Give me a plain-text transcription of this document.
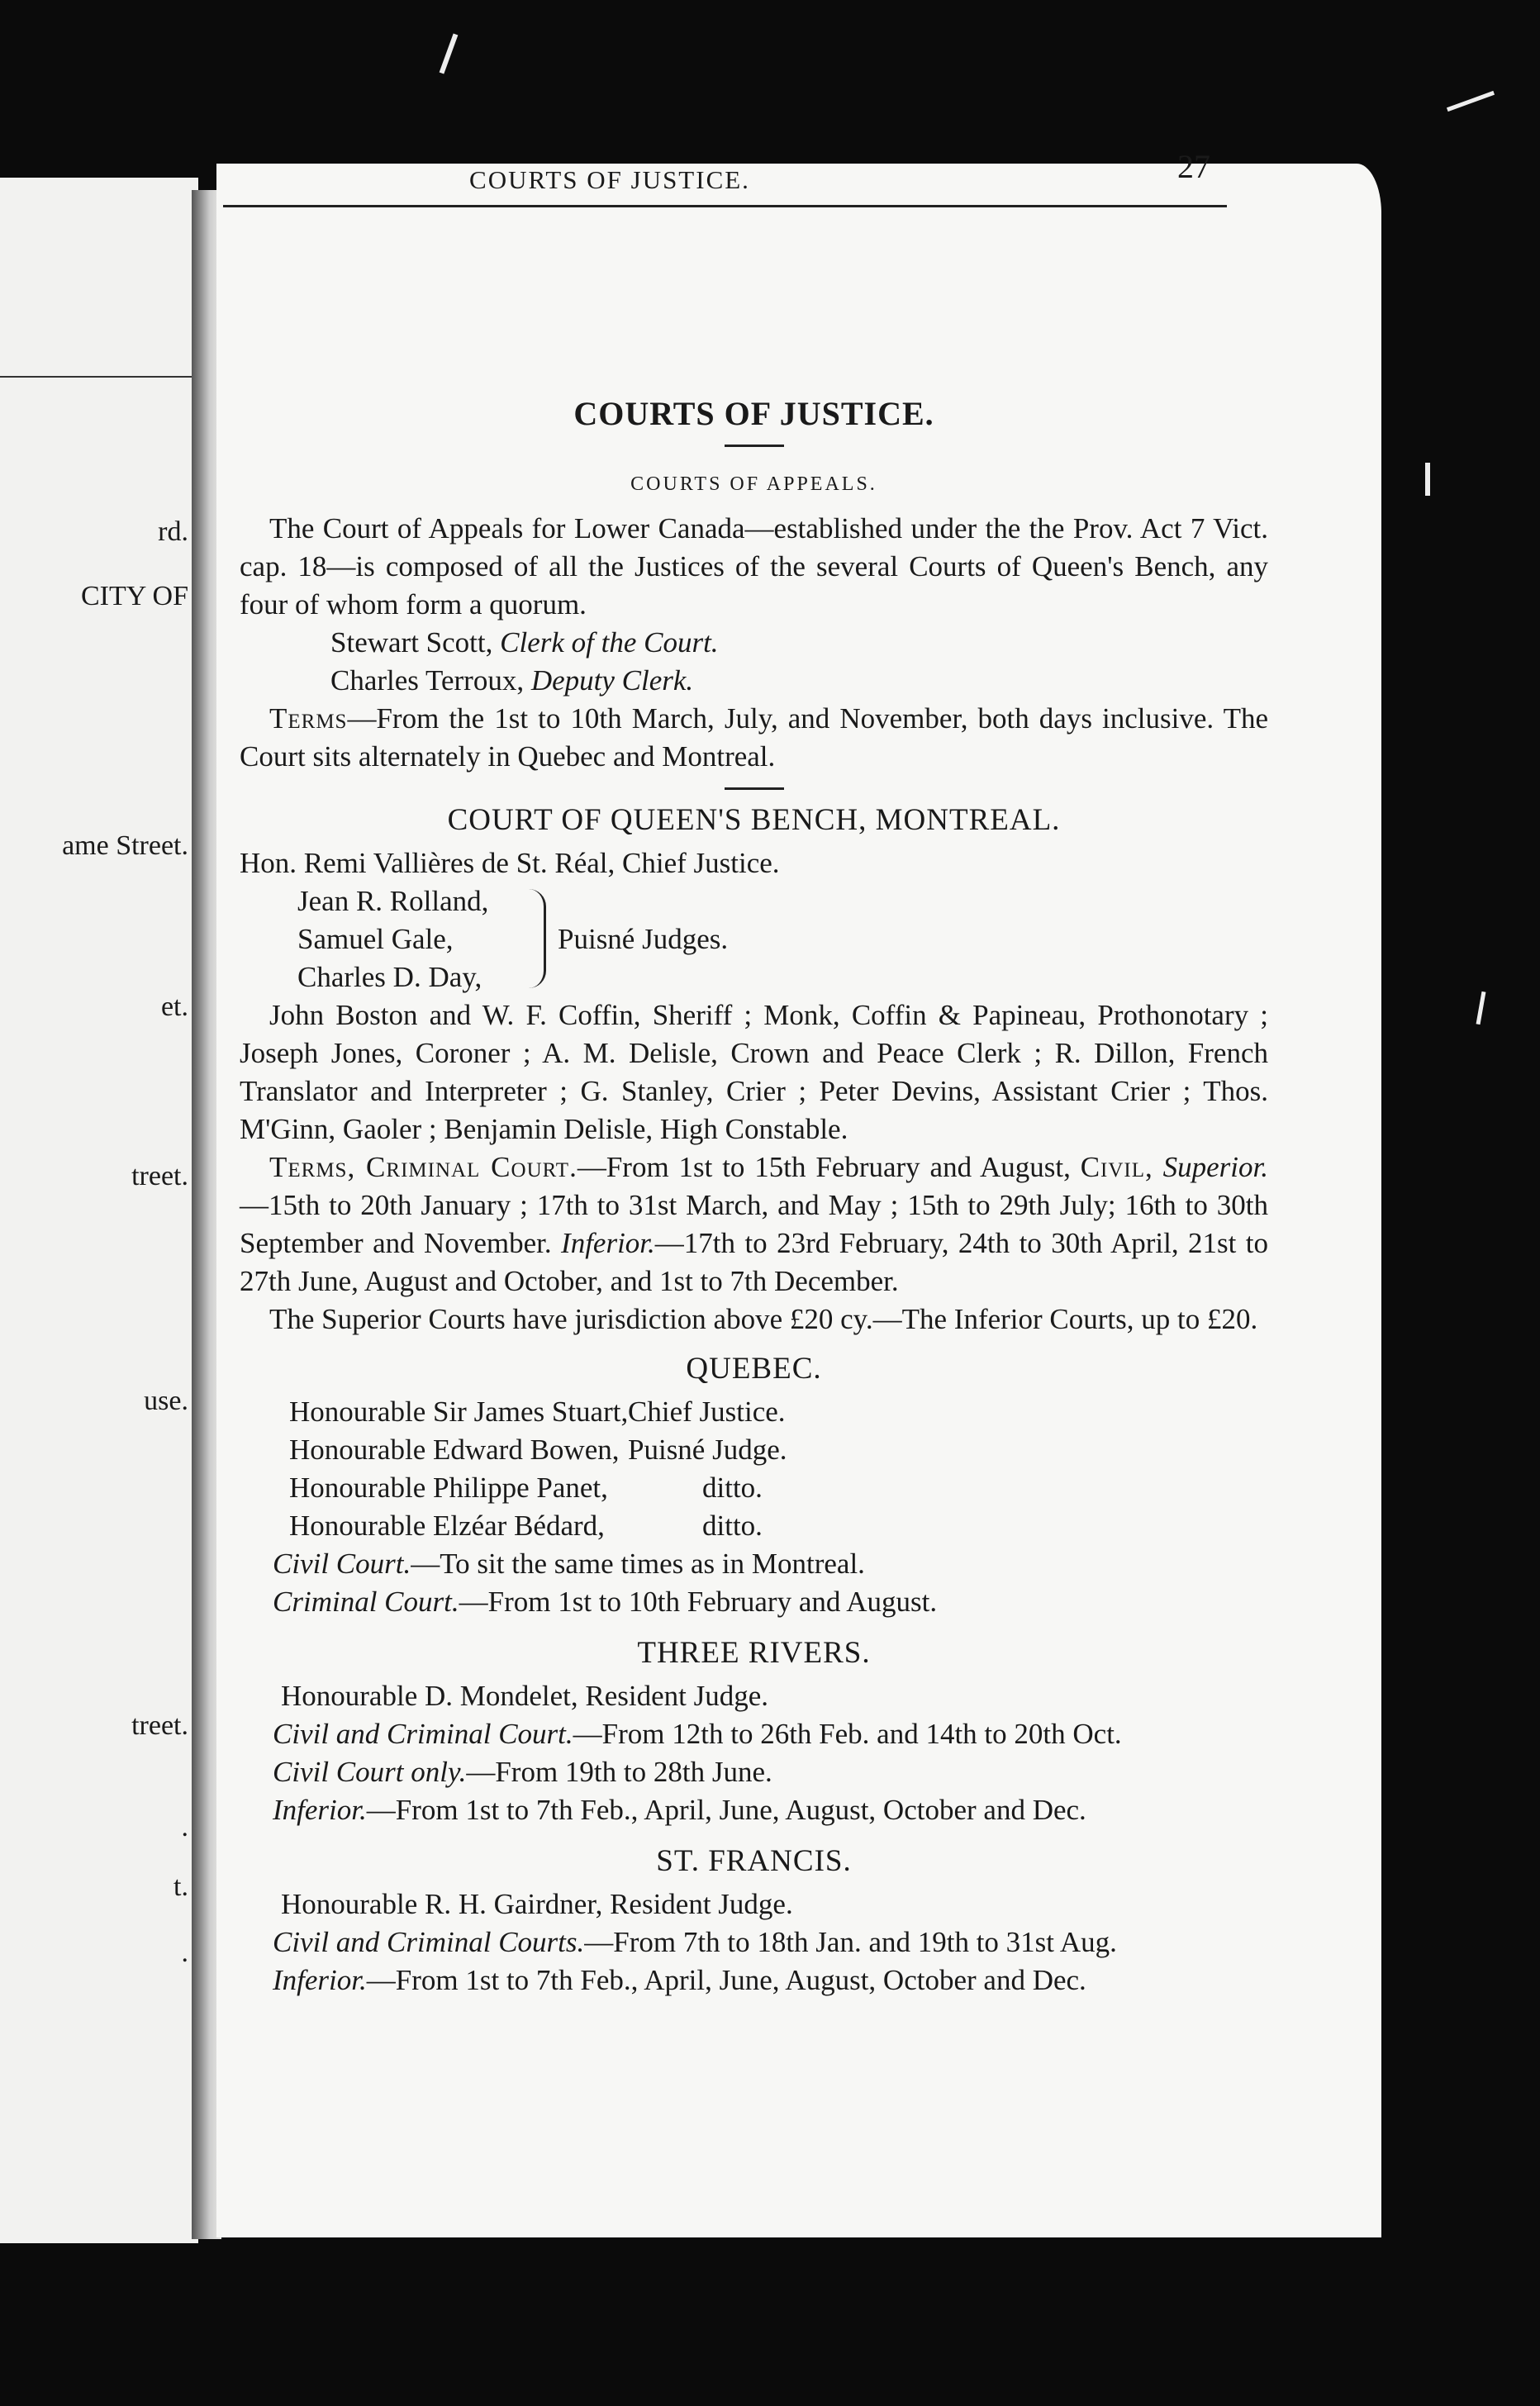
rd.
CITY OF
ame Street.
et.
treet.
use.
treet.
.
t.
.
COURTS OF JUSTICE.	27
COURTS OF JUSTICE.
COURTS OF APPEALS.

The Court of Appeals for Lower Canada—established under the the Prov. Act 7 Vict. cap. 18—is composed of all the Justices of the several Courts of Queen's Bench, any four of whom form a quorum.

Stewart Scott, Clerk of the Court.

Charles Terroux, Deputy Clerk.

Terms—From the 1st to 10th March, July, and November, both days inclusive. The Court sits alternately in Quebec and Montreal.

COURT OF QUEEN'S BENCH, MONTREAL.

Hon. Remi Vallières de St. Réal, Chief Justice.

Jean R. Rolland,
Samuel Gale,
Charles D. Day,
Puisné Judges.

John Boston and W. F. Coffin, Sheriff ; Monk, Coffin & Papineau, Prothonotary ; Joseph Jones, Coroner ; A. M. Delisle, Crown and Peace Clerk ; R. Dillon, French Translator and Interpreter ; G. Stanley, Crier ; Peter Devins, Assistant Crier ; Thos. M'Ginn, Gaoler ; Benjamin Delisle, High Constable.

Terms, Criminal Court.—From 1st to 15th February and August, Civil, Superior.—15th to 20th January ; 17th to 31st March, and May ; 15th to 29th July; 16th to 30th September and November. Inferior.—17th to 23rd February, 24th to 30th April, 21st to 27th June, August and October, and 1st to 7th December.

The Superior Courts have jurisdiction above £20 cy.—The Inferior Courts, up to £20.

QUEBEC.
Honourable Sir James Stuart, Chief Justice.
Honourable Edward Bowen, Puisné Judge.
Honourable Philippe Panet,	ditto.
Honourable Elzéar Bédard,	ditto.

Civil Court.—To sit the same times as in Montreal.

Criminal Court.—From 1st to 10th February and August.

THREE RIVERS.

Honourable D. Mondelet, Resident Judge.

Civil and Criminal Court.—From 12th to 26th Feb. and 14th to 20th Oct.

Civil Court only.—From 19th to 28th June.

Inferior.—From 1st to 7th Feb., April, June, August, October and Dec.

ST. FRANCIS.

Honourable R. H. Gairdner, Resident Judge.

Civil and Criminal Courts.—From 7th to 18th Jan. and 19th to 31st Aug.

Inferior.—From 1st to 7th Feb., April, June, August, October and Dec.
